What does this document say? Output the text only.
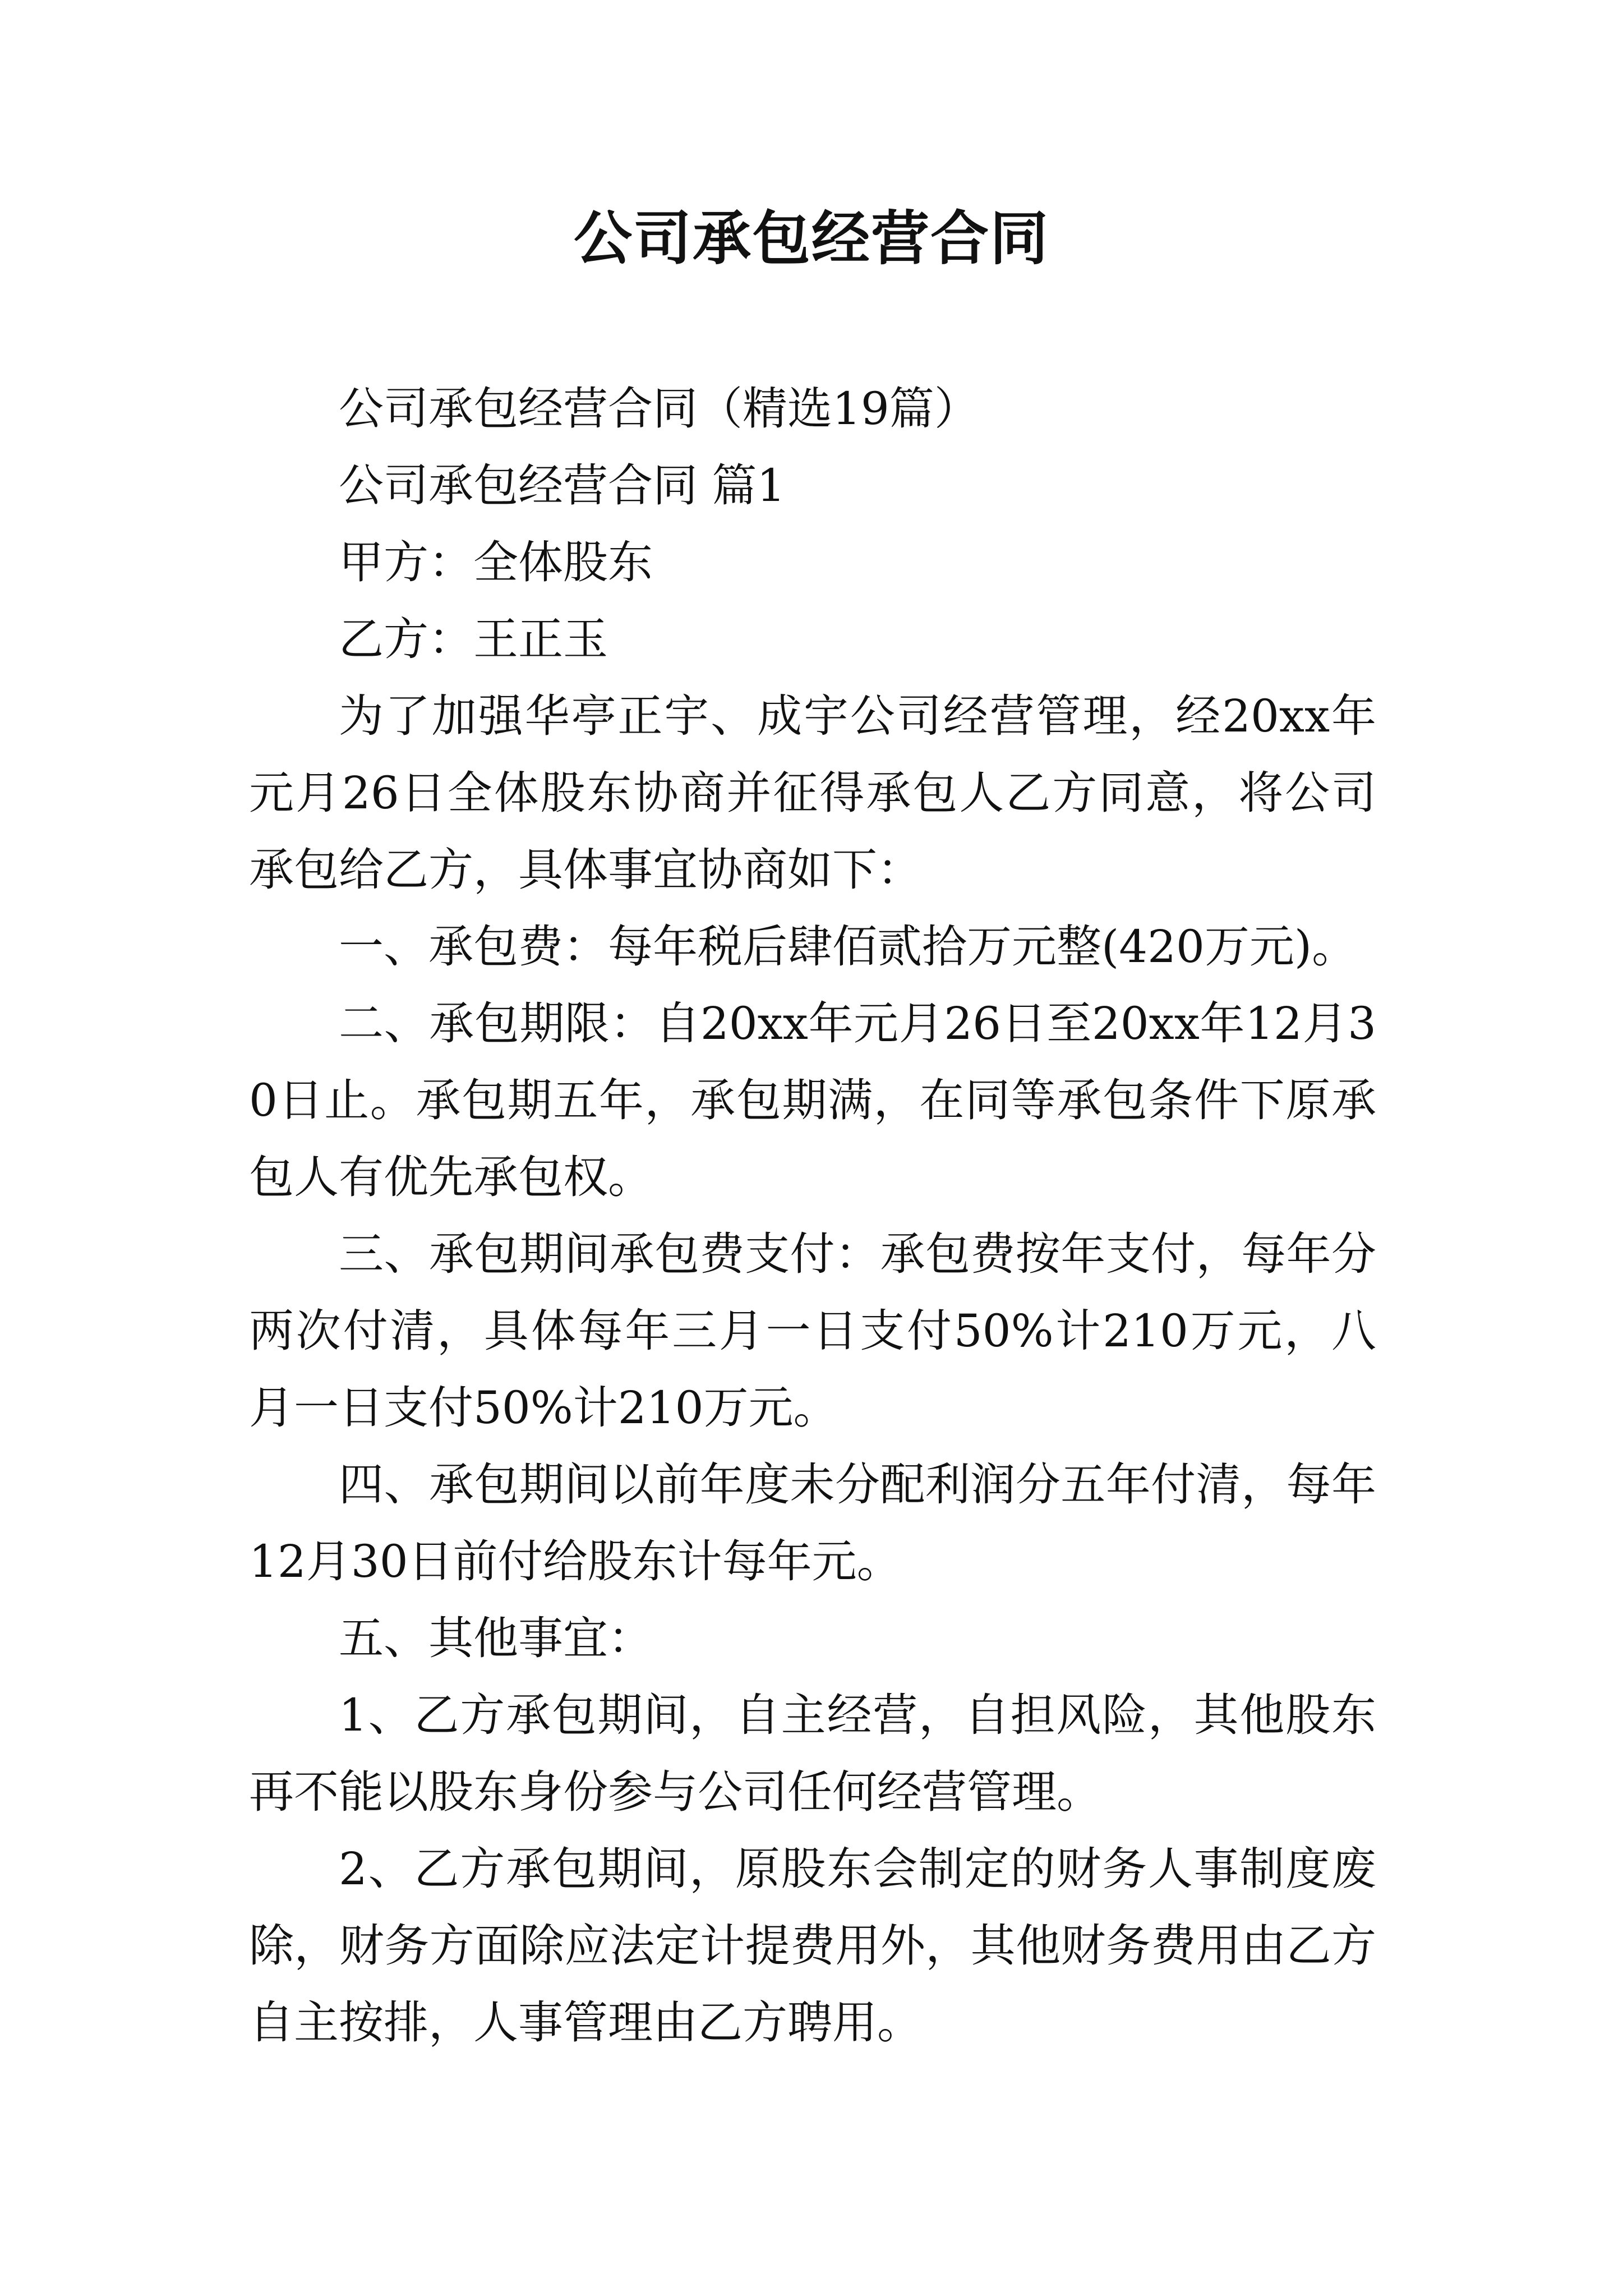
公司承包经营合同

公司承包经营合同（精选19篇）

公司承包经营合同 篇1

甲方：全体股东

乙方：王正玉

为了加强华亭正宇、成宇公司经营管理，经20xx年元月26日全体股东协商并征得承包人乙方同意，将公司承包给乙方，具体事宜协商如下：

一、承包费：每年税后肆佰贰拾万元整(420万元)。

二、承包期限：自20xx年元月26日至20xx年12月30日止。承包期五年，承包期满，在同等承包条件下原承包人有优先承包权。

三、承包期间承包费支付：承包费按年支付，每年分两次付清，具体每年三月一日支付50%计210万元，八月一日支付50%计210万元。

四、承包期间以前年度未分配利润分五年付清，每年12月30日前付给股东计每年元。

五、其他事宜：

1、乙方承包期间，自主经营，自担风险，其他股东再不能以股东身份参与公司任何经营管理。

2、乙方承包期间，原股东会制定的财务人事制度废除，财务方面除应法定计提费用外，其他财务费用由乙方自主按排，人事管理由乙方聘用。
